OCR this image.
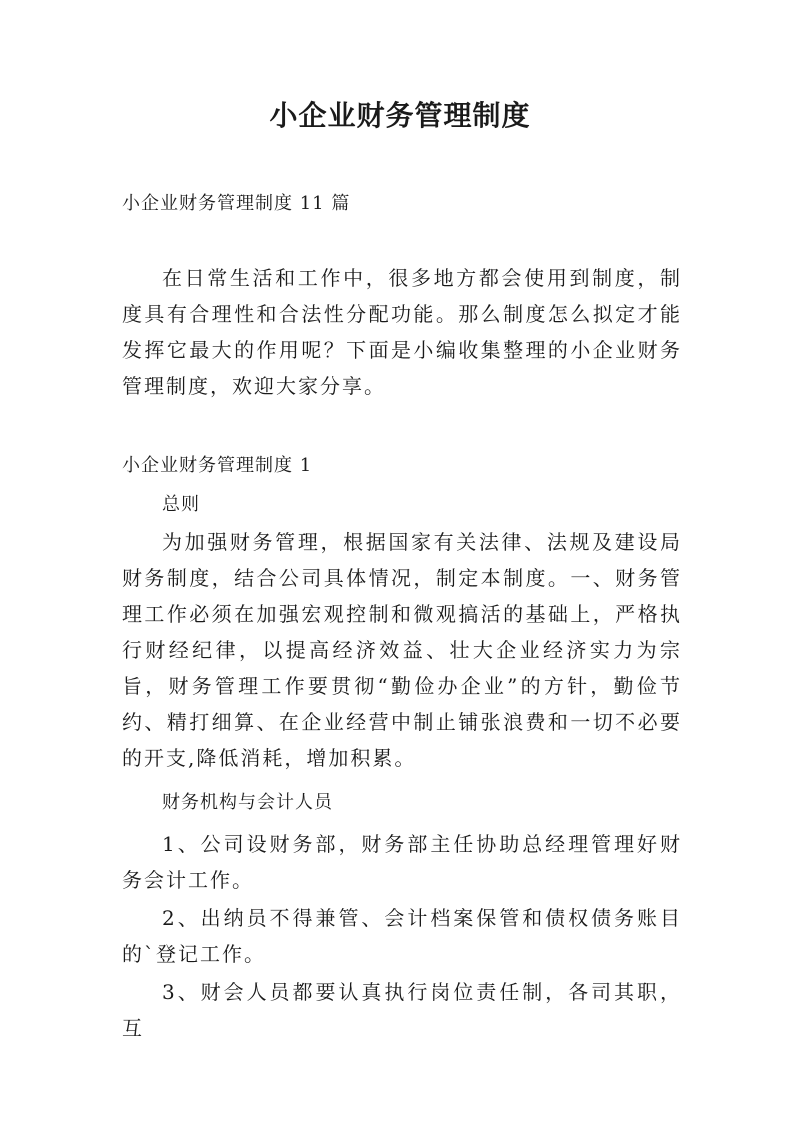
小企业财务管理制度

小企业财务管理制度 11 篇

在日常生活和工作中，很多地方都会使用到制度，制度具有合理性和合法性分配功能。那么制度怎么拟定才能发挥它最大的作用呢？下面是小编收集整理的小企业财务管理制度，欢迎大家分享。

小企业财务管理制度 1

总则

为加强财务管理，根据国家有关法律、法规及建设局财务制度，结合公司具体情况，制定本制度。一、财务管理工作必须在加强宏观控制和微观搞活的基础上，严格执行财经纪律，以提高经济效益、壮大企业经济实力为宗旨，财务管理工作要贯彻“勤俭办企业”的方针，勤俭节约、精打细算、在企业经营中制止铺张浪费和一切不必要的开支,降低消耗，增加积累。

财务机构与会计人员

1、公司设财务部，财务部主任协助总经理管理好财务会计工作。

2、出纳员不得兼管、会计档案保管和债权债务账目的`登记工作。

3、财会人员都要认真执行岗位责任制，各司其职，互
